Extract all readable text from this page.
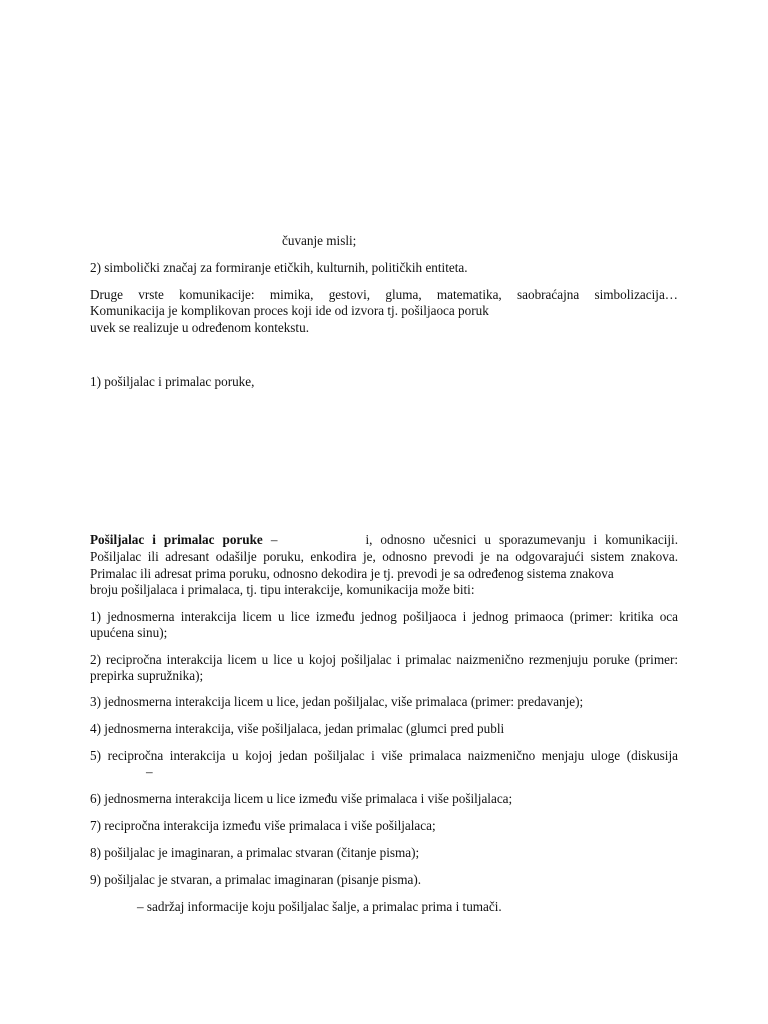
čuvanje misli;
2) simbolički značaj za formiranje etičkih, kulturnih, političkih entiteta.
Druge vrste komunikacije: mimika, gestovi, gluma, matematika, saobraćajna simbolizacija…
Komunikacija je komplikovan proces koji ide od izvora tj. pošiljaoca poruk
uvek se realizuje u određenom kontekstu.
1) pošiljalac i primalac poruke,
Pošiljalac i primalac poruke –	i, odnosno učesnici u sporazumevanju i komunikaciji.
Pošiljalac ili adresant odašilje poruku, enkodira je, odnosno prevodi je na odgovarajući sistem znakova.
Primalac ili adresat prima poruku, odnosno dekodira je tj. prevodi je sa određenog sistema znakova
broju pošiljalaca i primalaca, tj. tipu interakcije, komunikacija može biti:
1) jednosmerna interakcija licem u lice između jednog pošiljaoca i jednog primaoca (primer: kritika oca
upućena sinu);
2) recipročna interakcija licem u lice u kojoj pošiljalac i primalac naizmenično rezmenjuju poruke (primer:
prepirka supružnika);
3) jednosmerna interakcija licem u lice, jedan pošiljalac, više primalaca (primer: predavanje);
4) jednosmerna interakcija, više pošiljalaca, jedan primalac (glumci pred publi
5) recipročna interakcija u kojoj jedan pošiljalac i više primalaca naizmenično menjaju uloge (diskusija
–
6) jednosmerna interakcija licem u lice između više primalaca i više pošiljalaca;
7) recipročna interakcija između više primalaca i više pošiljalaca;
8) pošiljalac je imaginaran, a primalac stvaran (čitanje pisma);
9) pošiljalac je stvaran, a primalac imaginaran (pisanje pisma).
– sadržaj informacije koju pošiljalac šalje, a primalac prima i tumači.
